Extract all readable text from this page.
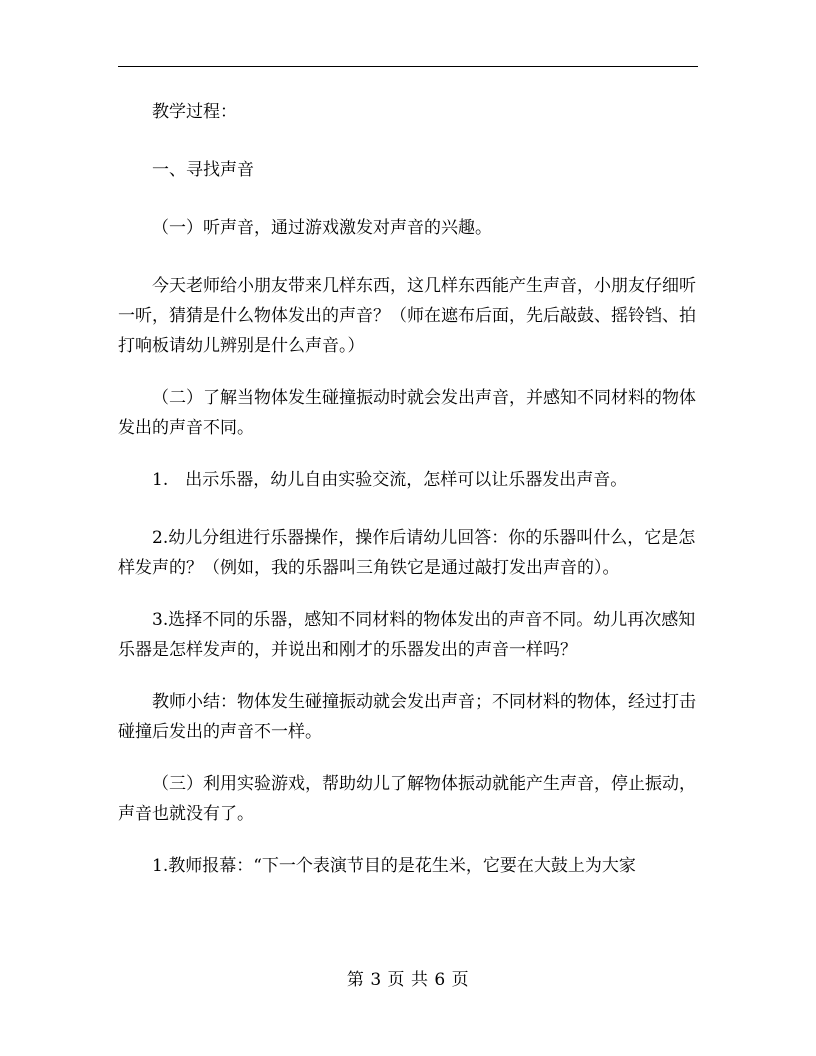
教学过程：

一、寻找声音

（一）听声音，通过游戏激发对声音的兴趣。

今天老师给小朋友带来几样东西，这几样东西能产生声音，小朋友仔细听一听，猜猜是什么物体发出的声音？（师在遮布后面，先后敲鼓、摇铃铛、拍打响板请幼儿辨别是什么声音。）

（二）了解当物体发生碰撞振动时就会发出声音，并感知不同材料的物体发出的声音不同。

1.　出示乐器，幼儿自由实验交流，怎样可以让乐器发出声音。

2.幼儿分组进行乐器操作，操作后请幼儿回答：你的乐器叫什么，它是怎样发声的？（例如，我的乐器叫三角铁它是通过敲打发出声音的）。

3.选择不同的乐器，感知不同材料的物体发出的声音不同。幼儿再次感知乐器是怎样发声的，并说出和刚才的乐器发出的声音一样吗？

教师小结：物体发生碰撞振动就会发出声音；不同材料的物体，经过打击碰撞后发出的声音不一样。

（三）利用实验游戏，帮助幼儿了解物体振动就能产生声音，停止振动，声音也就没有了。

1.教师报幕：“下一个表演节目的是花生米，它要在大鼓上为大家

第 3 页 共 6 页
